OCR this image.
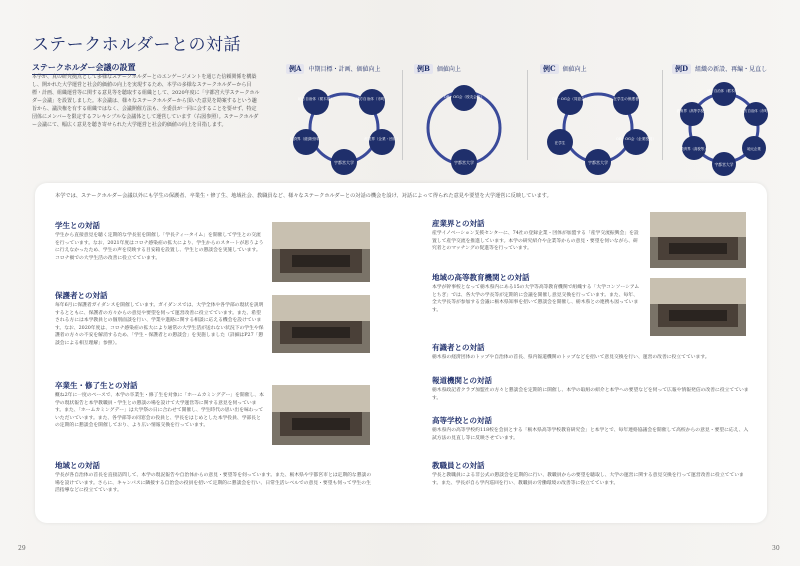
ステークホルダーとの対話
ステークホルダー会議の設置
本学が、真の研究拠点として多様なステークホルダーとのエンゲージメントを通じた信頼関係を構築し、開かれた大学運営と社会的価値の向上を実現するため、本学の多様なステークホルダーから目標・計画、組織運営等に関する意見等を聴取する組織として、2020年度に「宇都宮大学ステークホルダー会議」を設置しました。本会議は、様々なステークホルダーから頂いた意見を勘案するという趣旨から、議決権を有する組織ではなく、会議開催方法も、全委員が一同に会することを要せず、特定団体にメンバーを限定するフレキシブルな会議体として運営しています（右図参照）。ステークホルダー会議にて、幅広く意見を聴き寄せられた大学運営と社会的価値の向上を目指します。
例A 中期目標・計画、価値向上
地方自治体（栃木県）	地方自治体（市町）
産業界（企業・団体）
宇都宮大学
経済界（経済団体）
例B 価値向上
OB・OG会（校友会等）
宇都宮大学
例C 価値向上
OB・OG会（同窓会）	在学生の保護者
OB・OG会（企業役員）
宇都宮大学
在学生
例D 組織の新設、再編・見直し
地方自治体（栃木県）
地方自治体（市町）
地元企業
宇都宮大学
教育界（高校等）
教育界（高等学校）
本学では、ステークホルダー会議以外にも学生の保護者、卒業生・修了生、地域社会、教職員など、様々なステークホルダーとの対話の機会を設け、対話によって得られた意見や要望を大学運営に反映しています。
学生との対話
学生から直接意見を聴く定期的な学長室を開催し「学長ティータイム」を開催して学生との交流を行っています。なお、2021年度はコロナ感染症の拡大により、学生からのスタートが思うように行えなかったため、学生の声を反映する目安箱を設置し、学生との懇談会を実施しています。コロナ禍での大学生活の改善に役立てています。
保護者との対話
毎年6月に保護者ガイダンスを開催しています。ガイダンスでは、大学全体や各学部の現状を説明するとともに、保護者の方々からの意見や要望を伺って運営改善に役立てています。また、希望される方には本学教員との個別面談を行い、学業や進路に関する相談に応える機会を設けています。なお、2020年度は、コロナ感染症の拡大により通常の大学生活が送れない状況下の学生や保護者の方々の不安を解消するため、「学生・保護者との懇談会」を実施しました（詳細はP27「懇談会による相互理解」参照）。
卒業生・修了生との対話
概ね2年に一度のペースで、本学の卒業生・修了生を対象に「ホームカミングデー」を開催し、本学の現状報告と本学教職員・学生との懇談の場を設けて大学運営等に関する意見を伺っています。また、「ホームカミングデー」は大学祭の日に合わせて開催し、学生時代の思い出を味わっていただいています。また、各学部等の同窓会の役員と、学長をはじめとした本学役員、学部長との定期的に懇談会を開催しており、より広い情報交換を行っています。
地域との対話
学長が各自治体の首長を直接訪問して、本学の現況報告や自治体からの意見・要望等を伺っています。また、栃木県や宇都宮市とは定期的な懇談の場を設けています。さらに、キャンパスに隣接する自治会の役員を招いて定期的に懇談会を行い、日常生活レベルでの意見・要望も伺って学生の生活指導などに役立てています。
産業界との対話
産学イノベーション支援センターに、74社の登録企業・団体が加盟する「産学交流振興会」を設置して産学交流を推進しています。本学の研究紹介や企業等からの意見・要望を伺いながら、研究者とのマッチングの促進等を行っています。
地域の高等教育機関との対話
本学が幹事校となって栃木県内にある15の大学等高等教育機関で組織する「大学コンソーシアムとちぎ」では、各大学の学長等が定期的に会議を開催し意見交換を行っています。また、毎年、全大学長等が参加する会議に栃木県知事を招いて懇談会を開催し、栃木県との連携も図っています。
有識者との対話
栃木県の経済団体のトップや自治体の首長、県内報道機関のトップなどを招いて意見交換を行い、運営の改善に役立てています。
報道機関との対話
栃木県政記者クラブ加盟社の方々と懇談会を定期的に開催し、本学の取組の紹介と本学への要望などを伺って広報や情報発信の改善に役立てています。
高等学校との対話
栃木県内の高等学校約118校を会員とする「栃木県高等学校教育研究会」と本学とで、毎年連絡協議会を開催して高校からの意見・要望に応え、入試方法の見直し等に反映させています。
教職員との対話
学長と教職員による非公式の懇談会を定期的に行い、教職員からの要望を聴取し、大学の運営に関する意見交換を行って運営改善に役立てています。また、学長が自ら学内巡回を行い、教職員の労働環境の改善等に役立てています。
29	30
